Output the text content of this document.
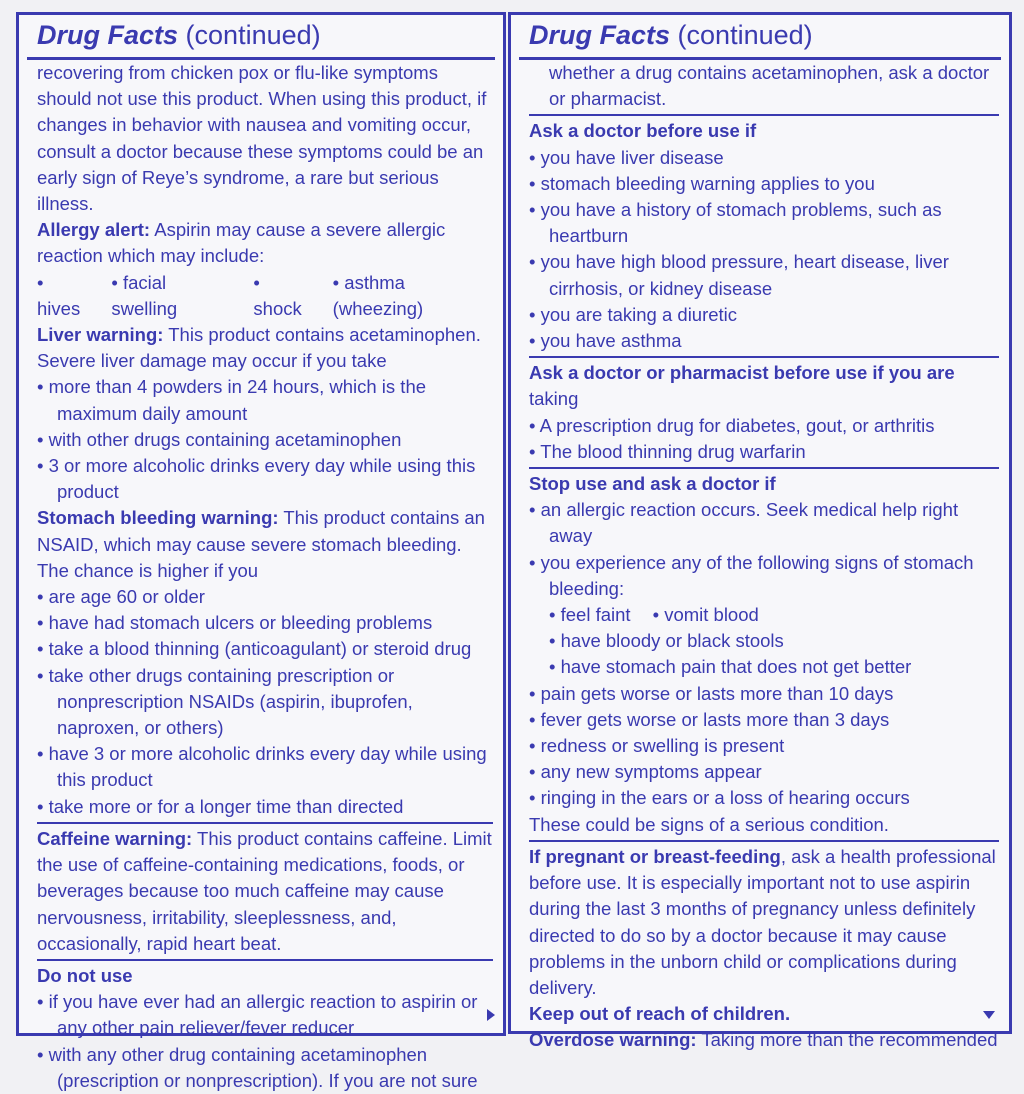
Drug Facts (continued)

recovering from chicken pox or flu-like symptoms should not use this product. When using this product, if changes in behavior with nausea and vomiting occur, consult a doctor because these symptoms could be an early sign of Reye’s syndrome, a rare but serious illness.

Allergy alert: Aspirin may cause a severe allergic reaction which may include:

• hives
• facial swelling	• shock
• asthma (wheezing)

Liver warning: This product contains acetaminophen. Severe liver damage may occur if you take

• more than 4 powders in 24 hours, which is the maximum daily amount
• with other drugs containing acetaminophen
• 3 or more alcoholic drinks every day while using this product

Stomach bleeding warning: This product contains an NSAID, which may cause severe stomach bleeding. The chance is higher if you

• are age 60 or older
• have had stomach ulcers or bleeding problems
• take a blood thinning (anticoagulant) or steroid drug
• take other drugs containing prescription or nonprescription NSAIDs (aspirin, ibuprofen, naproxen, or others)
• have 3 or more alcoholic drinks every day while using this product
• take more or for a longer time than directed

Caffeine warning: This product contains caffeine. Limit the use of caffeine-containing medications, foods, or beverages because too much caffeine may cause nervousness, irritability, sleeplessness, and, occasionally, rapid heart beat.

Do not use

• if you have ever had an allergic reaction to aspirin or any other pain reliever/fever reducer
• with any other drug containing acetaminophen (prescription or nonprescription). If you are not sure
Drug Facts (continued)

whether a drug contains acetaminophen, ask a doctor or pharmacist.

Ask a doctor before use if

• you have liver disease
• stomach bleeding warning applies to you
• you have a history of stomach problems, such as heartburn
• you have high blood pressure, heart disease, liver cirrhosis, or kidney disease
• you are taking a diuretic
• you have asthma

Ask a doctor or pharmacist before use if you are taking

• A prescription drug for diabetes, gout, or arthritis
• The blood thinning drug warfarin

Stop use and ask a doctor if

• an allergic reaction occurs. Seek medical help right away
• you experience any of the following signs of stomach bleeding:
• feel faint	• vomit blood
• have bloody or black stools
• have stomach pain that does not get better
• pain gets worse or lasts more than 10 days
• fever gets worse or lasts more than 3 days
• redness or swelling is present
• any new symptoms appear
• ringing in the ears or a loss of hearing occurs

These could be signs of a serious condition.

If pregnant or breast-feeding, ask a health professional before use. It is especially important not to use aspirin during the last 3 months of pregnancy unless definitely directed to do so by a doctor because it may cause problems in the unborn child or complications during delivery.

Keep out of reach of children.

Overdose warning: Taking more than the recommended
